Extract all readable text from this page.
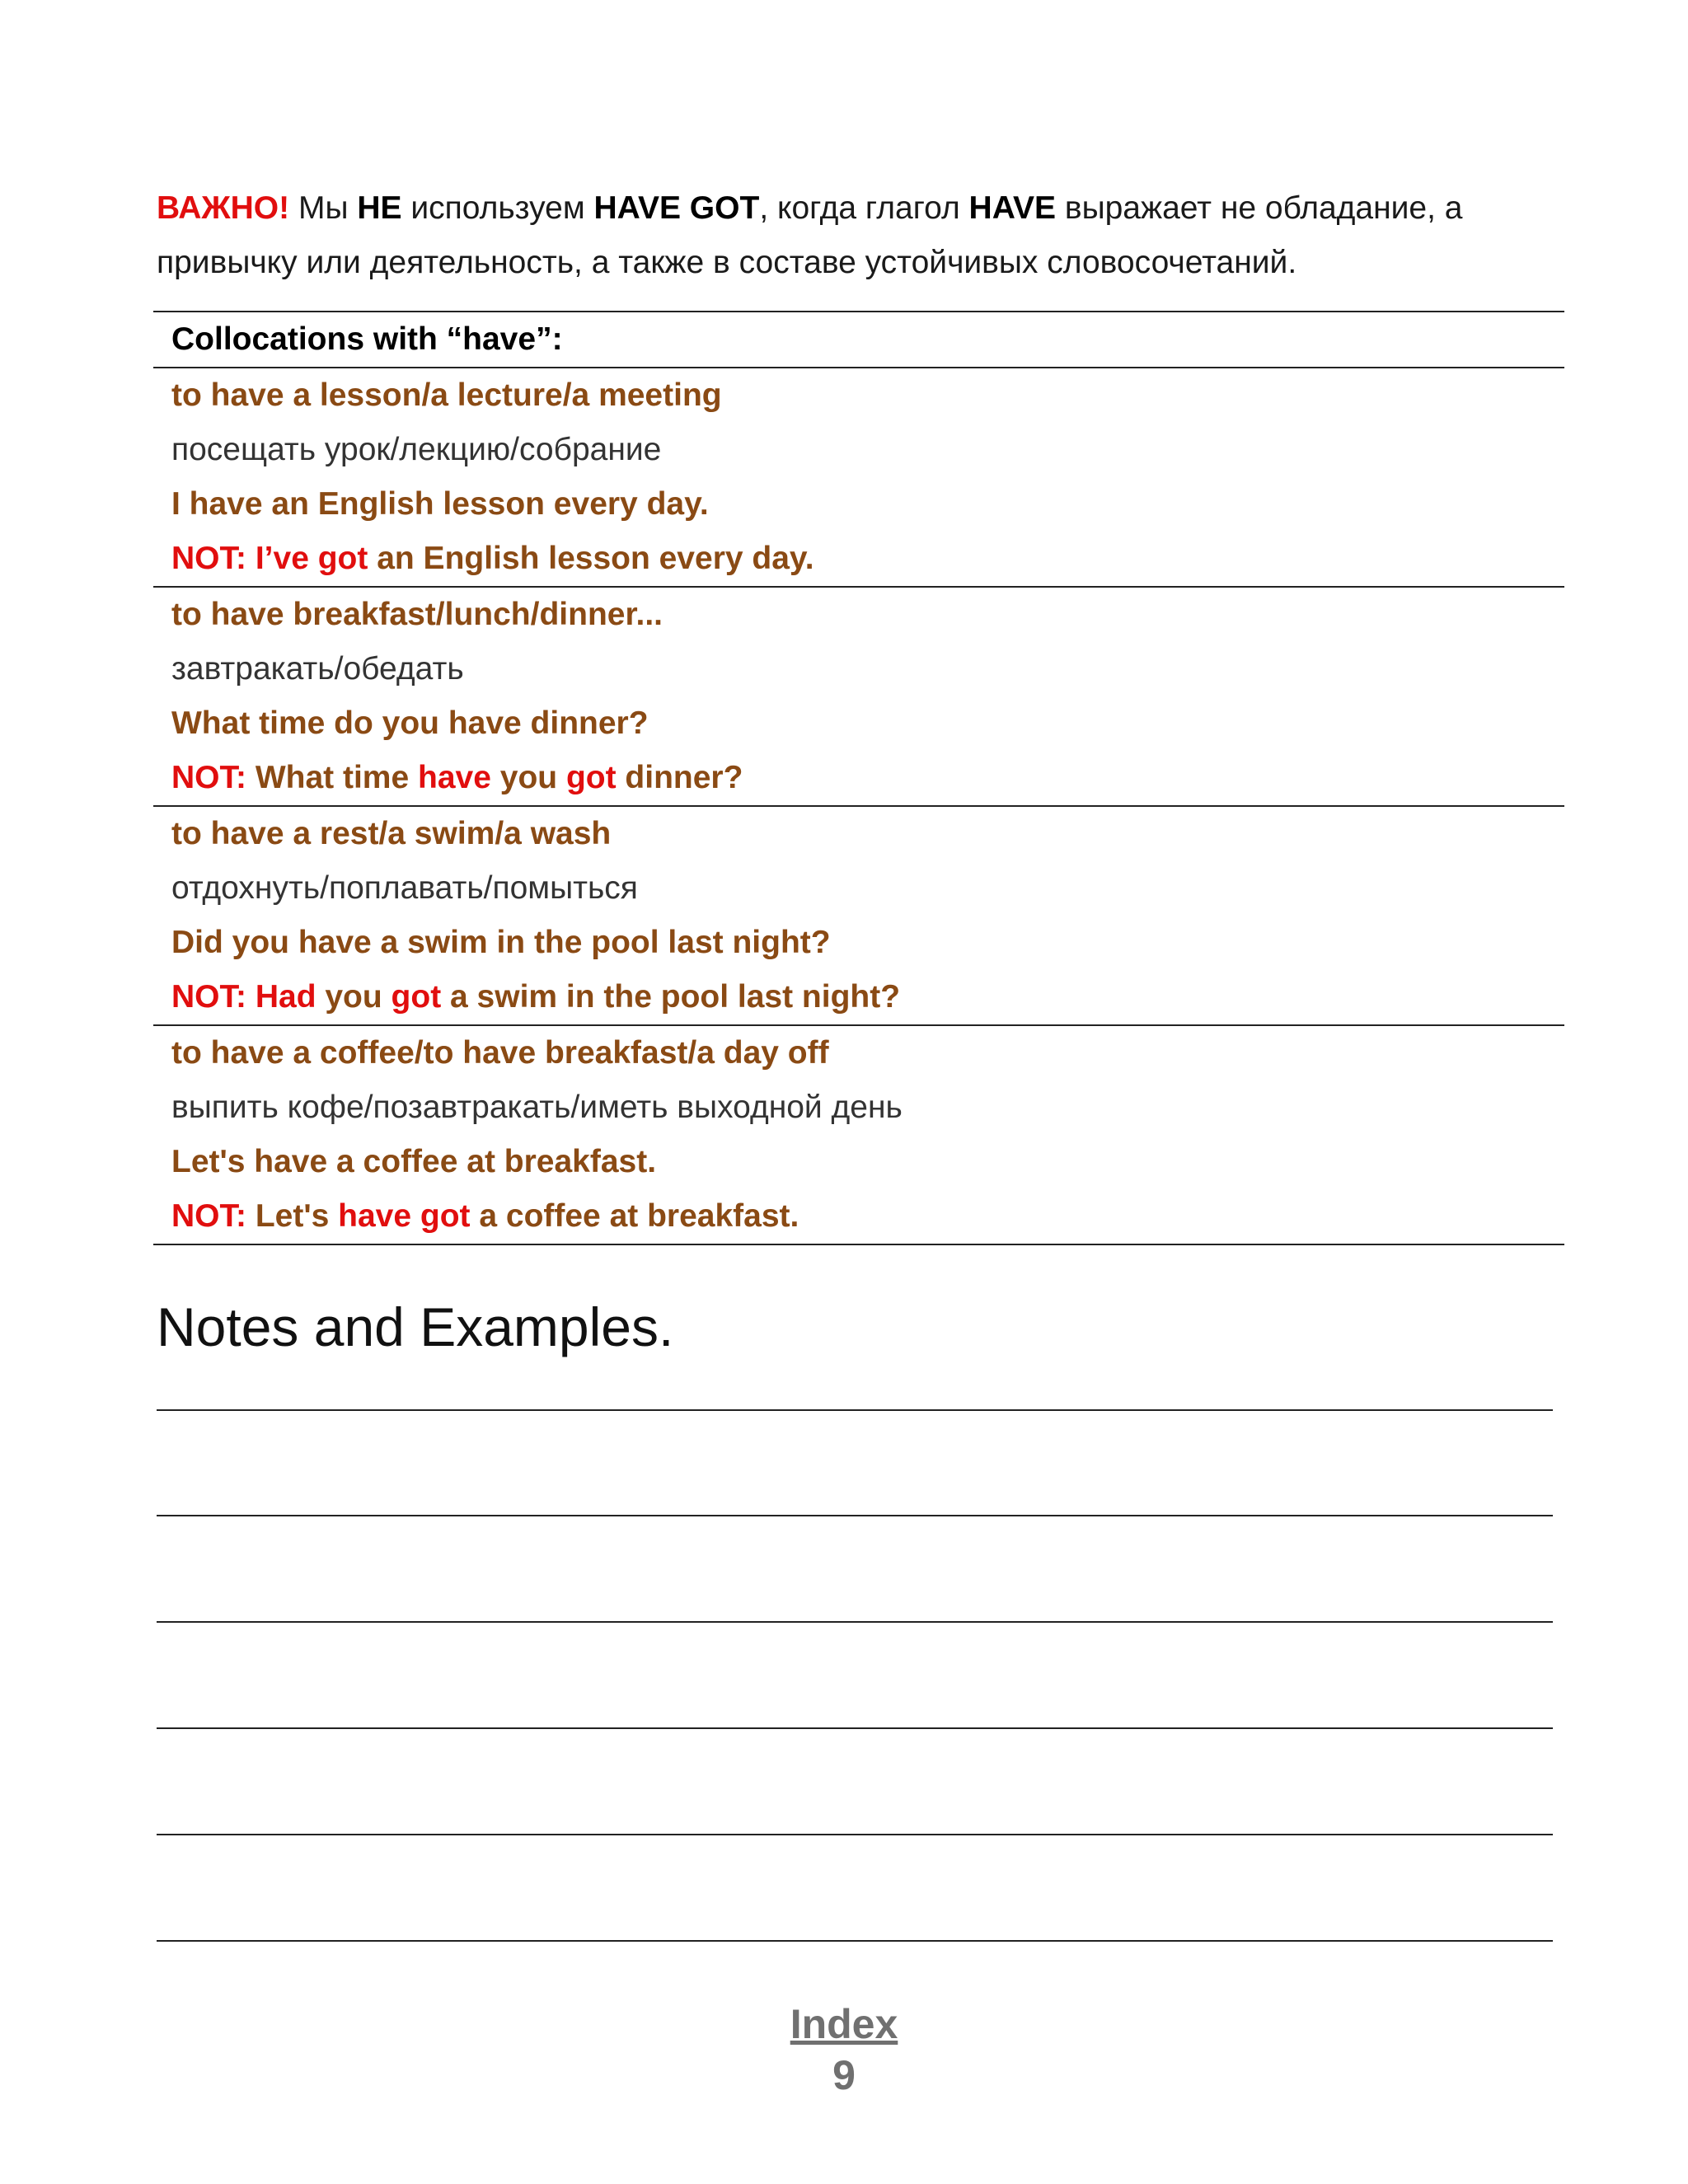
ВАЖНО! Мы НЕ используем HAVE GOT, когда глагол HAVE выражает не обладание, а привычку или деятельность, а также в составе устойчивых словосочетаний.
Collocations with “have”:
to have a lesson/a lecture/a meeting
посещать урок/лекцию/собрание
I have an English lesson every day.
NOT: I’ve got an English lesson every day.
to have breakfast/lunch/dinner...
завтракать/обедать
What time do you have dinner?
NOT: What time have you got dinner?
to have a rest/a swim/a wash
отдохнуть/поплавать/помыться
Did you have a swim in the pool last night?
NOT: Had you got a swim in the pool last night?
to have a coffee/to have breakfast/a day off
выпить кофе/позавтракать/иметь выходной день
Let's have a coffee at breakfast.
NOT: Let's have got a coffee at breakfast.
Notes and Examples.
Index
9
